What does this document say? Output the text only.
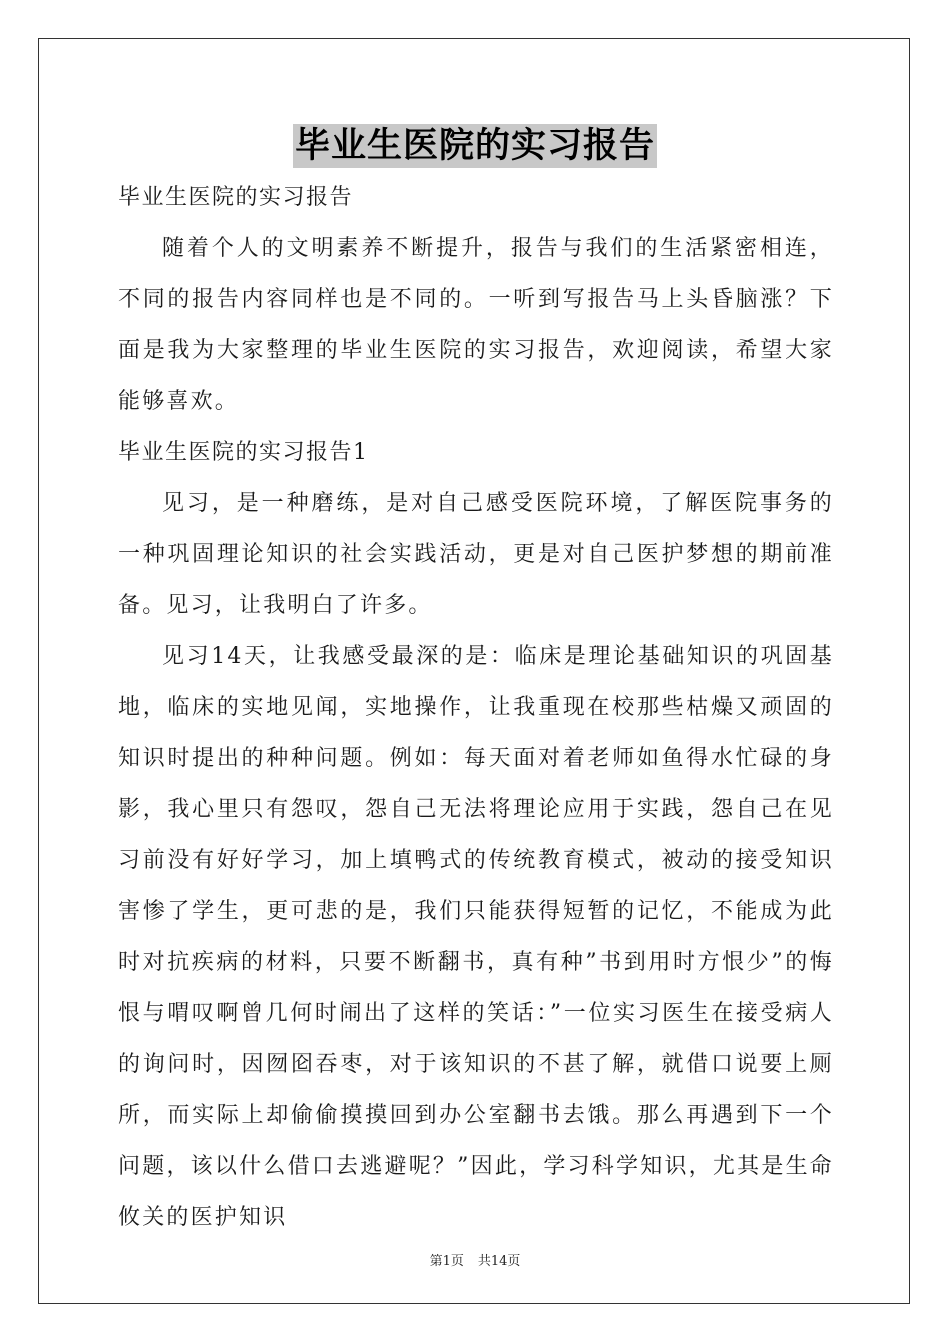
毕业生医院的实习报告
毕业生医院的实习报告

随着个人的文明素养不断提升，报告与我们的生活紧密相连，不同的报告内容同样也是不同的。一听到写报告马上头昏脑涨？下面是我为大家整理的毕业生医院的实习报告，欢迎阅读，希望大家能够喜欢。

毕业生医院的实习报告1

见习，是一种磨练，是对自己感受医院环境，了解医院事务的一种巩固理论知识的社会实践活动，更是对自己医护梦想的期前准备。见习，让我明白了许多。

见习14天，让我感受最深的是：临床是理论基础知识的巩固基地，临床的实地见闻，实地操作，让我重现在校那些枯燥又顽固的知识时提出的种种问题。例如：每天面对着老师如鱼得水忙碌的身影，我心里只有怨叹，怨自己无法将理论应用于实践，怨自己在见习前没有好好学习，加上填鸭式的传统教育模式，被动的接受知识害惨了学生，更可悲的是，我们只能获得短暂的记忆，不能成为此时对抗疾病的材料，只要不断翻书，真有种”书到用时方恨少”的悔恨与喟叹啊曾几何时闹出了这样的笑话：”一位实习医生在接受病人的询问时，因囫囵吞枣，对于该知识的不甚了解，就借口说要上厕所，而实际上却偷偷摸摸回到办公室翻书去饿。那么再遇到下一个问题，该以什么借口去逃避呢？”因此，学习科学知识，尤其是生命攸关的医护知识

第1页 共14页
